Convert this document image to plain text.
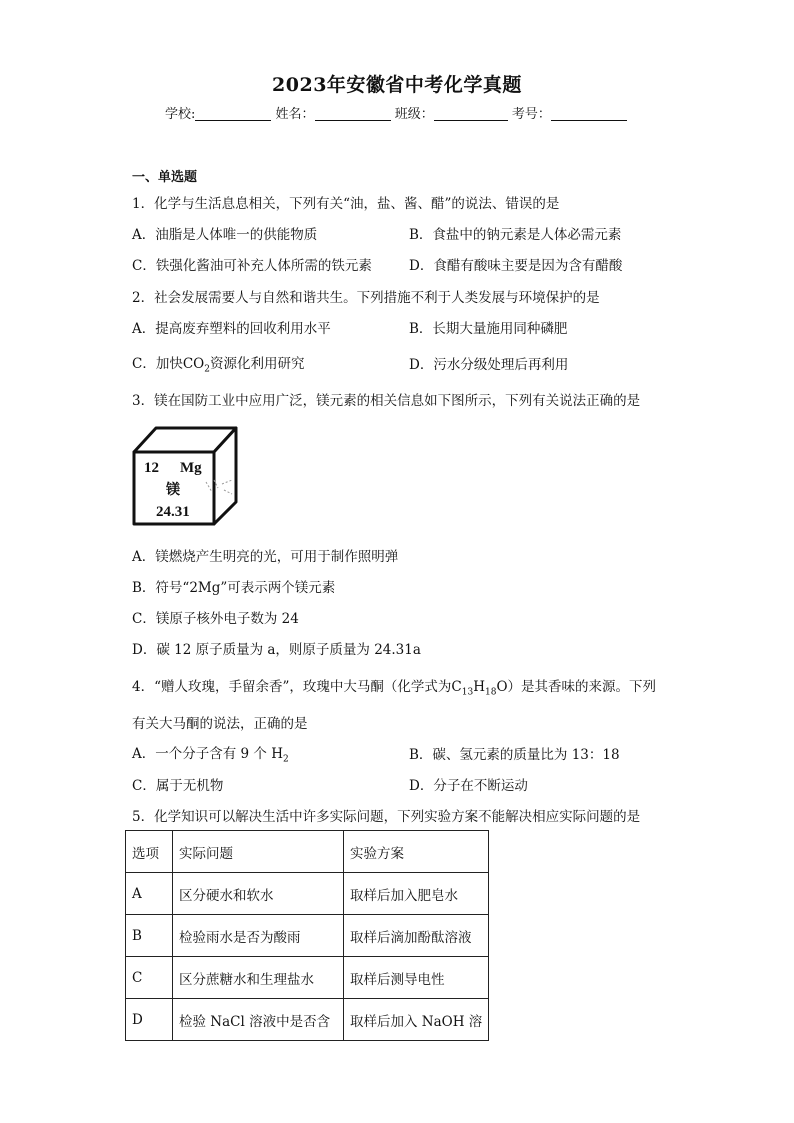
2023年安徽省中考化学真题
学校:	姓名：	班级：	考号：
一、单选题
1．化学与生活息息相关，下列有关“油，盐、酱、醋”的说法、错误的是
A．油脂是人体唯一的供能物质	B．食盐中的钠元素是人体必需元素
C．铁强化酱油可补充人体所需的铁元素	D．食醋有酸味主要是因为含有醋酸
2．社会发展需要人与自然和谐共生。下列措施不利于人类发展与环境保护的是
A．提高废弃塑料的回收利用水平	B．长期大量施用同种磷肥
C．加快$CO_2$资源化利用研究	D．污水分级处理后再利用
3．镁在国防工业中应用广泛，镁元素的相关信息如下图所示，下列有关说法正确的是
12 Mg
镁
24.31
A．镁燃烧产生明亮的光，可用于制作照明弹
B．符号“2Mg”可表示两个镁元素
C．镁原子核外电子数为 24
D．碳 12 原子质量为 a，则原子质量为 24.31a
4．“赠人玫瑰，手留余香”，玫瑰中大马酮（化学式为$C_{13}H_{18}O$）是其香味的来源。下列
有关大马酮的说法，正确的是
A．一个分子含有 9 个 $H_2$	B．碳、氢元素的质量比为 13：18
C．属于无机物	D．分子在不断运动
5．化学知识可以解决生活中许多实际问题，下列实验方案不能解决相应实际问题的是
选项	实际问题	实验方案
A	区分硬水和软水	取样后加入肥皂水
B	检验雨水是否为酸雨	取样后滴加酚酞溶液
C	区分蔗糖水和生理盐水	取样后测导电性
D	检验 NaCl 溶液中是否含	取样后加入 NaOH 溶
